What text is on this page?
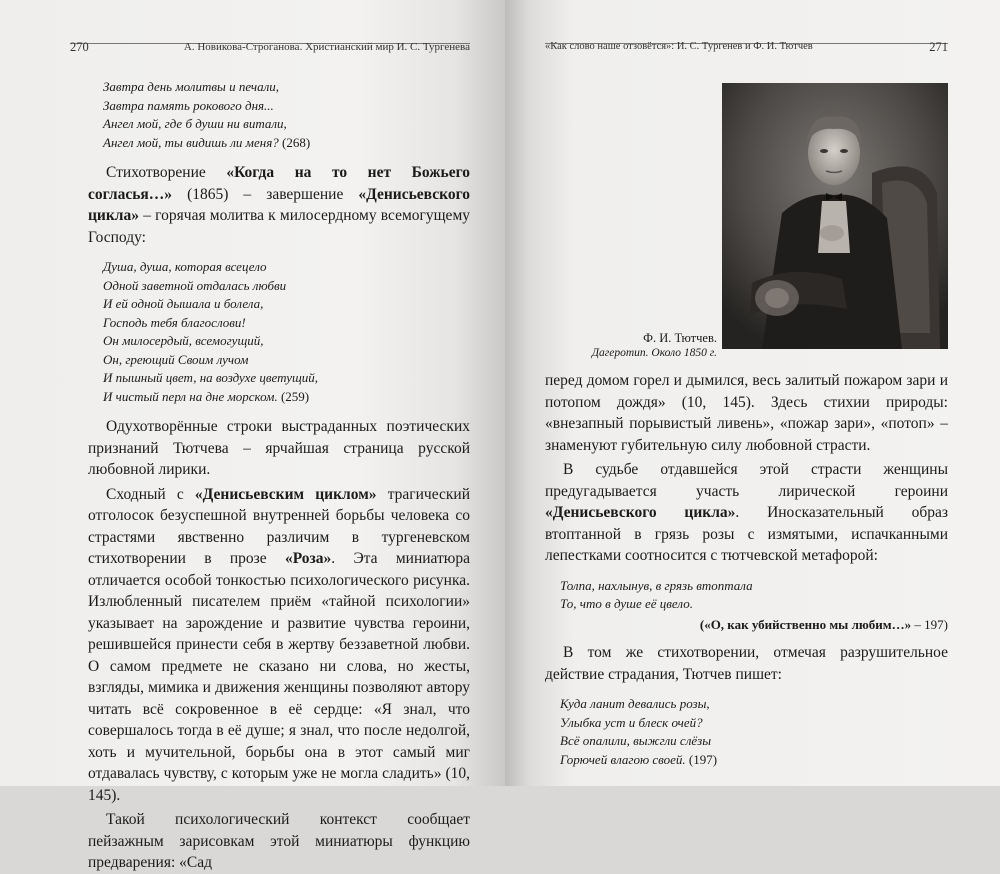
270	А. Новикова-Строганова. Христианский мир И. С. Тургенева
Завтра день молитвы и печали,
Завтра память рокового дня...
Ангел мой, где б души ни витали,
Ангел мой, ты видишь ли меня? (268)

Стихотворение «Когда на то нет Божьего согласья…» (1865) – завершение «Денисьевского цикла» – горячая молитва к милосердному всемогущему Господу:

Душа, душа, которая всецело
Одной заветной отдалась любви
И ей одной дышала и болела,
Господь тебя благослови!
Он милосердый, всемогущий,
Он, греющий Своим лучом
И пышный цвет, на воздухе цветущий,
И чистый перл на дне морском. (259)

Одухотворённые строки выстраданных поэтических признаний Тютчева – ярчайшая страница русской любовной лирики.

Сходный с «Денисьевским циклом» трагический отголосок безуспешной внутренней борьбы человека со страстями явственно различим в тургеневском стихотворении в прозе «Роза». Эта миниатюра отличается особой тонкостью психологического рисунка. Излюбленный писателем приём «тайной психологии» указывает на зарождение и развитие чувства героини, решившейся принести себя в жертву беззаветной любви. О самом предмете не сказано ни слова, но жесты, взгляды, мимика и движения женщины позволяют автору читать всё сокровенное в её сердце: «Я знал, что совершалось тогда в её душе; я знал, что после недолгой, хоть и мучительной, борьбы она в этот самый миг отдавалась чувству, с которым уже не могла сладить» (10, 145).

Такой психологический контекст сообщает пейзажным зарисовкам этой миниатюры функцию предварения: «Сад

«Как слово наше отзовётся»: И. С. Тургенев и Ф. И. Тютчев	271
Ф. И. Тютчев.
Дагеротип. Около 1850 г.

перед домом горел и дымился, весь залитый пожаром зари и потопом дождя» (10, 145). Здесь стихии природы: «внезапный порывистый ливень», «пожар зари», «потоп» – знаменуют губительную силу любовной страсти.

В судьбе отдавшейся этой страсти женщины предугадывается участь лирической героини «Денисьевского цикла». Иносказательный образ втоптанной в грязь розы с измятыми, испачканными лепестками соотносится с тютчевской метафорой:

Толпа, нахлынув, в грязь втоптала
То, что в душе её цвело.
(«О, как убийственно мы любим…» – 197)

В том же стихотворении, отмечая разрушительное действие страдания, Тютчев пишет:

Куда ланит девались розы,
Улыбка уст и блеск очей?
Всё опалили, выжгли слёзы
Горючей влагою своей. (197)
